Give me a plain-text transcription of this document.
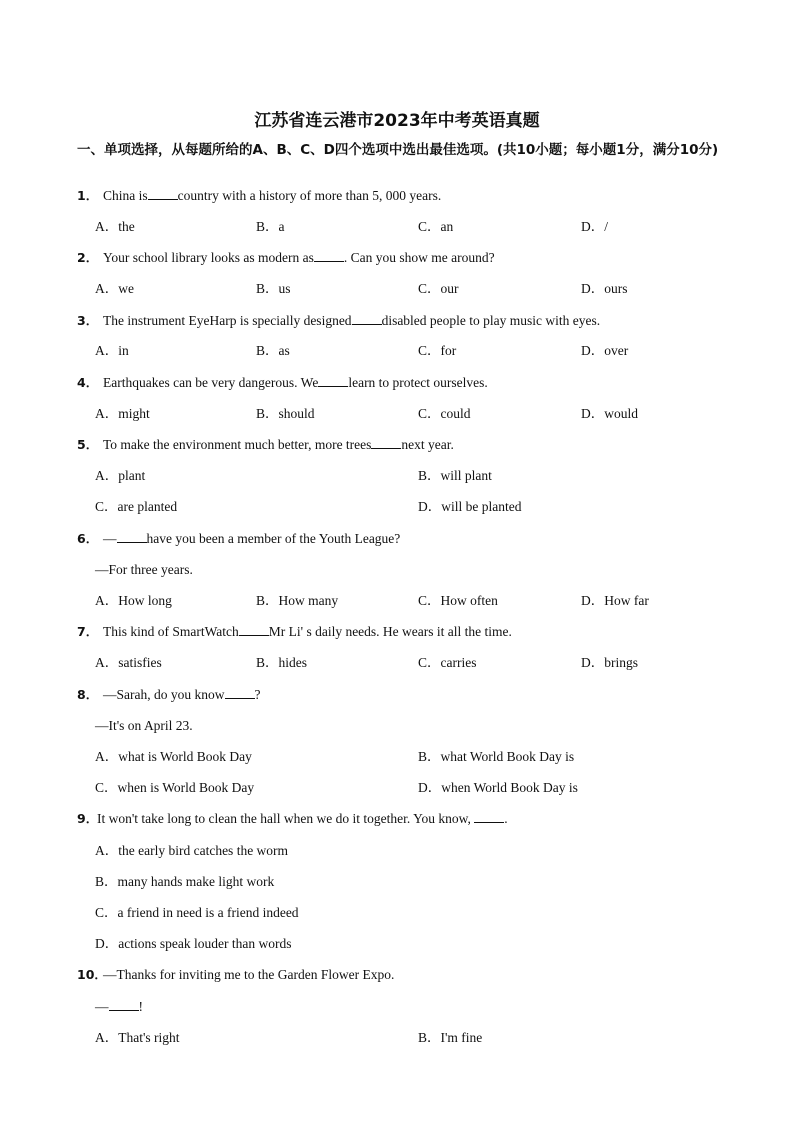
江苏省连云港市2023年中考英语真题
一、单项选择，从每题所给的A、B、C、D四个选项中选出最佳选项。(共10小题；每小题1分，满分10分)
1． China is country with a history of more than 5, 000 years.
A．the	B．a	C．an	D．/
2． Your school library looks as modern as . Can you show me around?
A．we	B．us	C．our	D．ours
3． The instrument EyeHarp is specially designed disabled people to play music with eyes.
A．in	B．as	C．for	D．over
4． Earthquakes can be very dangerous. We learn to protect ourselves.
A．might	B．should	C．could	D．would
5． To make the environment much better, more trees next year.
A．plant	B．will plant
C．are planted	D．will be planted
6． — have you been a member of the Youth League?
—For three years.
A．How long	B．How many	C．How often	D．How far
7． This kind of SmartWatch Mr Li' s daily needs. He wears it all the time.
A．satisfies	B．hides	C．carries	D．brings
8． —Sarah, do you know ?
—It's on April 23.
A．what is World Book Day	B．what World Book Day is
C．when is World Book Day	D．when World Book Day is
9．It won't take long to clean the hall when we do it together. You know, .
A．the early bird catches the worm
B．many hands make light work
C．a friend in need is a friend indeed
D．actions speak louder than words
10．—Thanks for inviting me to the Garden Flower Expo.
— !
A．That's right	B．I'm fine
